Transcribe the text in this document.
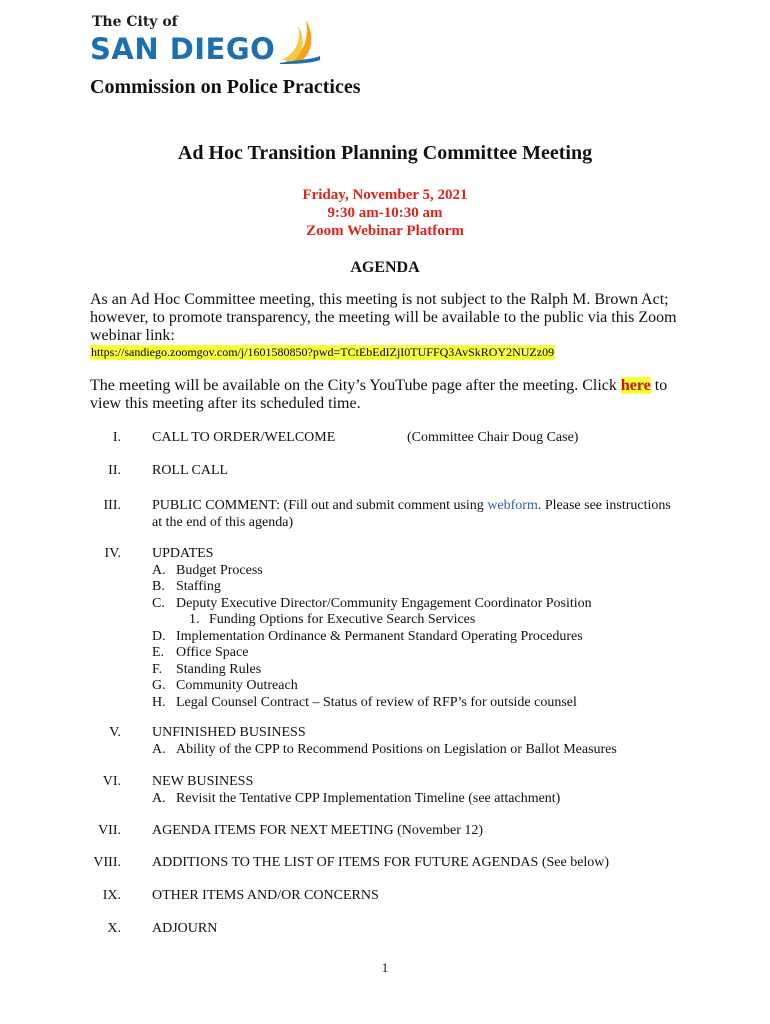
The City of
SAN DIEGO
Commission on Police Practices
Ad Hoc Transition Planning Committee Meeting
Friday, November 5, 2021
9:30 am-10:30 am
Zoom Webinar Platform
AGENDA
As an Ad Hoc Committee meeting, this meeting is not subject to the Ralph M. Brown Act; however, to promote transparency, the meeting will be available to the public via this Zoom webinar link:
https://sandiego.zoomgov.com/j/1601580850?pwd=TCtEbEdIZjI0TUFFQ3AvSkROY2NUZz09
The meeting will be available on the City’s YouTube page after the meeting. Click here to view this meeting after its scheduled time.
I. CALL TO ORDER/WELCOME	(Committee Chair Doug Case)
II. ROLL CALL
III. PUBLIC COMMENT: (Fill out and submit comment using webform. Please see instructions at the end of this agenda)
IV. UPDATES
A. Budget Process
B. Staffing
C. Deputy Executive Director/Community Engagement Coordinator Position
1. Funding Options for Executive Search Services
D. Implementation Ordinance & Permanent Standard Operating Procedures
E. Office Space
F. Standing Rules
G. Community Outreach
H. Legal Counsel Contract – Status of review of RFP’s for outside counsel
V. UNFINISHED BUSINESS
A. Ability of the CPP to Recommend Positions on Legislation or Ballot Measures
VI. NEW BUSINESS
A. Revisit the Tentative CPP Implementation Timeline (see attachment)
VII. AGENDA ITEMS FOR NEXT MEETING (November 12)
VIII. ADDITIONS TO THE LIST OF ITEMS FOR FUTURE AGENDAS (See below)
IX. OTHER ITEMS AND/OR CONCERNS
X. ADJOURN
1
